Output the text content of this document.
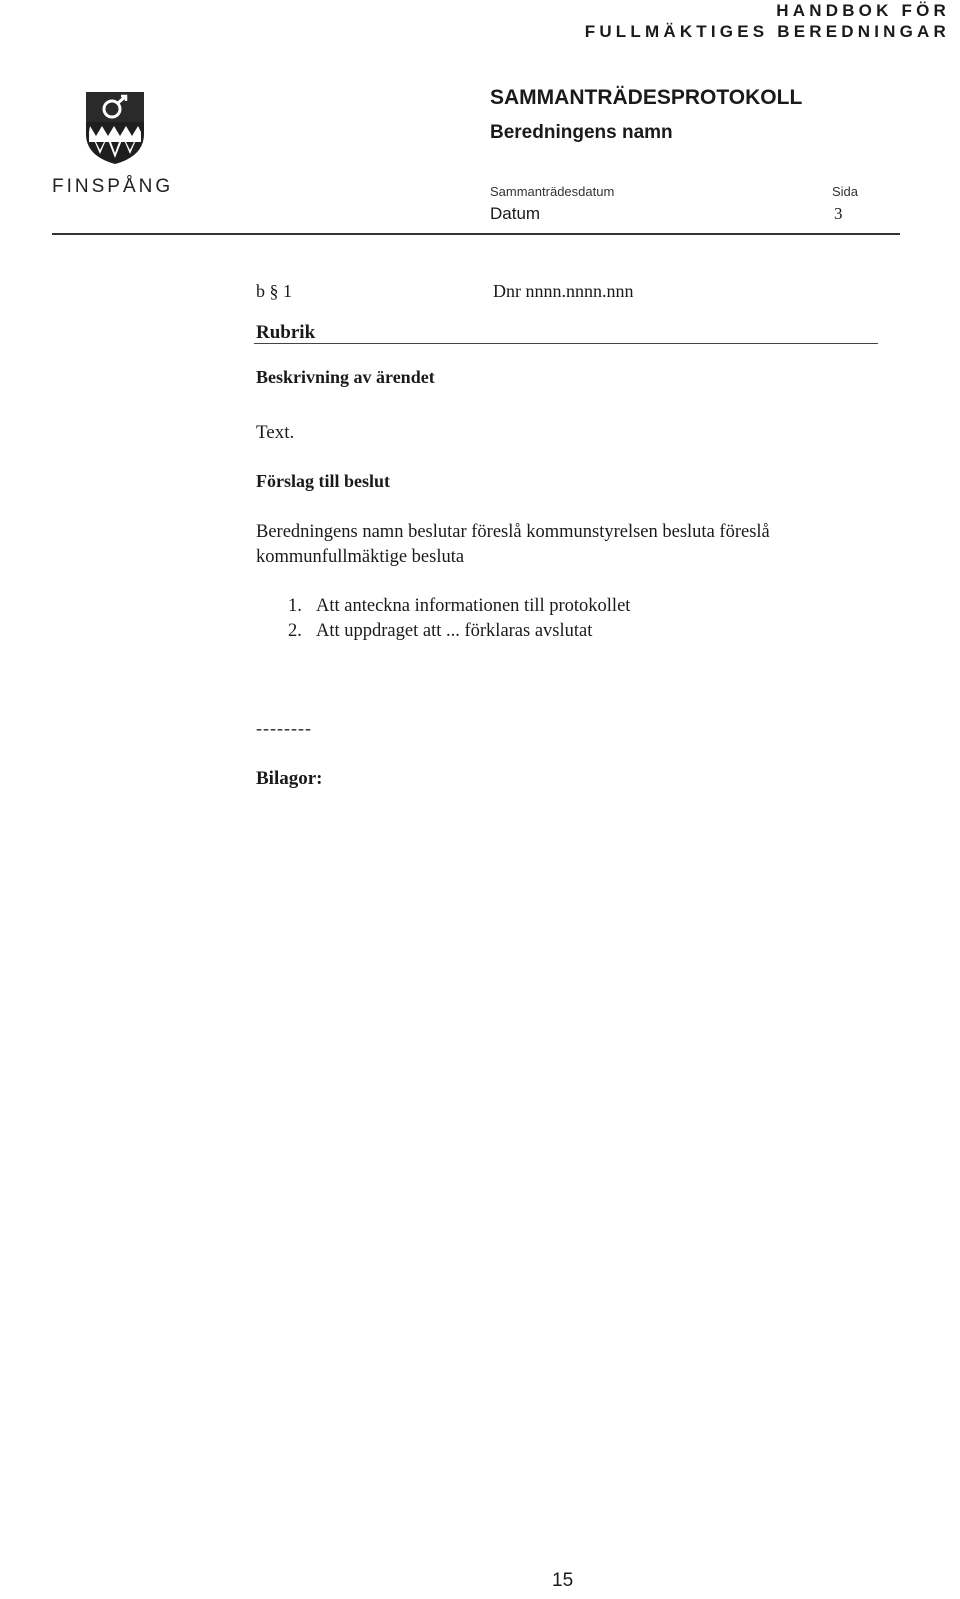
HANDBOK FÖR
FULLMÄKTIGES BEREDNINGAR
FINSPÅNG
SAMMANTRÄDESPROTOKOLL
Beredningens namn
Sammanträdesdatum
Datum
Sida
3
b § 1	Dnr nnnn.nnnn.nnn
Rubrik
Beskrivning av ärendet
Text.
Förslag till beslut
Beredningens namn beslutar föreslå kommunstyrelsen besluta föreslå kommunfullmäktige besluta
1. Att anteckna informationen till protokollet
2. Att uppdraget att ... förklaras avslutat
--------
Bilagor:
15
